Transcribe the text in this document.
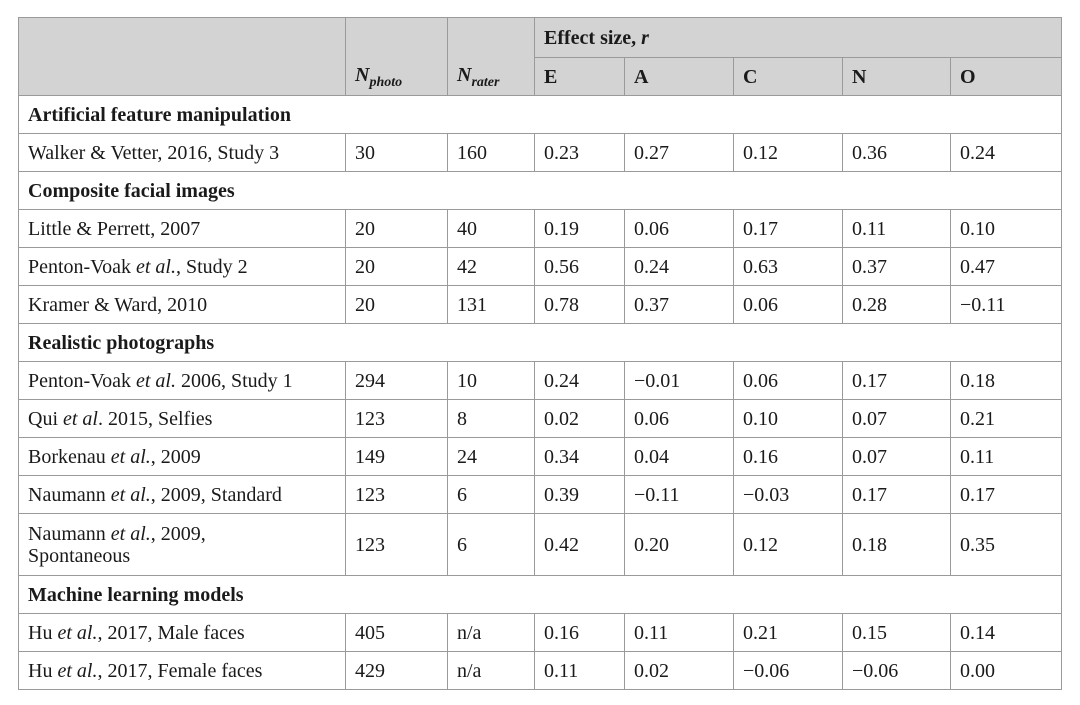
	$N_{photo}$	$N_{rater}$	Effect size, r				
			E	A	C	N	O
Artificial feature manipulation							
Walker & Vetter, 2016, Study 3	30	160	0.23	0.27	0.12	0.36	0.24
Composite facial images							
Little & Perrett, 2007	20	40	0.19	0.06	0.17	0.11	0.10
Penton-Voak et al., Study 2	20	42	0.56	0.24	0.63	0.37	0.47
Kramer & Ward, 2010	20	131	0.78	0.37	0.06	0.28	−0.11
Realistic photographs							
Penton-Voak et al. 2006, Study 1	294	10	0.24	−0.01	0.06	0.17	0.18
Qui et al. 2015, Selfies	123	8	0.02	0.06	0.10	0.07	0.21
Borkenau et al., 2009	149	24	0.34	0.04	0.16	0.07	0.11
Naumann et al., 2009, Standard	123	6	0.39	−0.11	−0.03	0.17	0.17
Naumann et al., 2009,
Spontaneous	123	6	0.42	0.20	0.12	0.18	0.35
Machine learning models							
Hu et al., 2017, Male faces	405	n/a	0.16	0.11	0.21	0.15	0.14
Hu et al., 2017, Female faces	429	n/a	0.11	0.02	−0.06	−0.06	0.00
